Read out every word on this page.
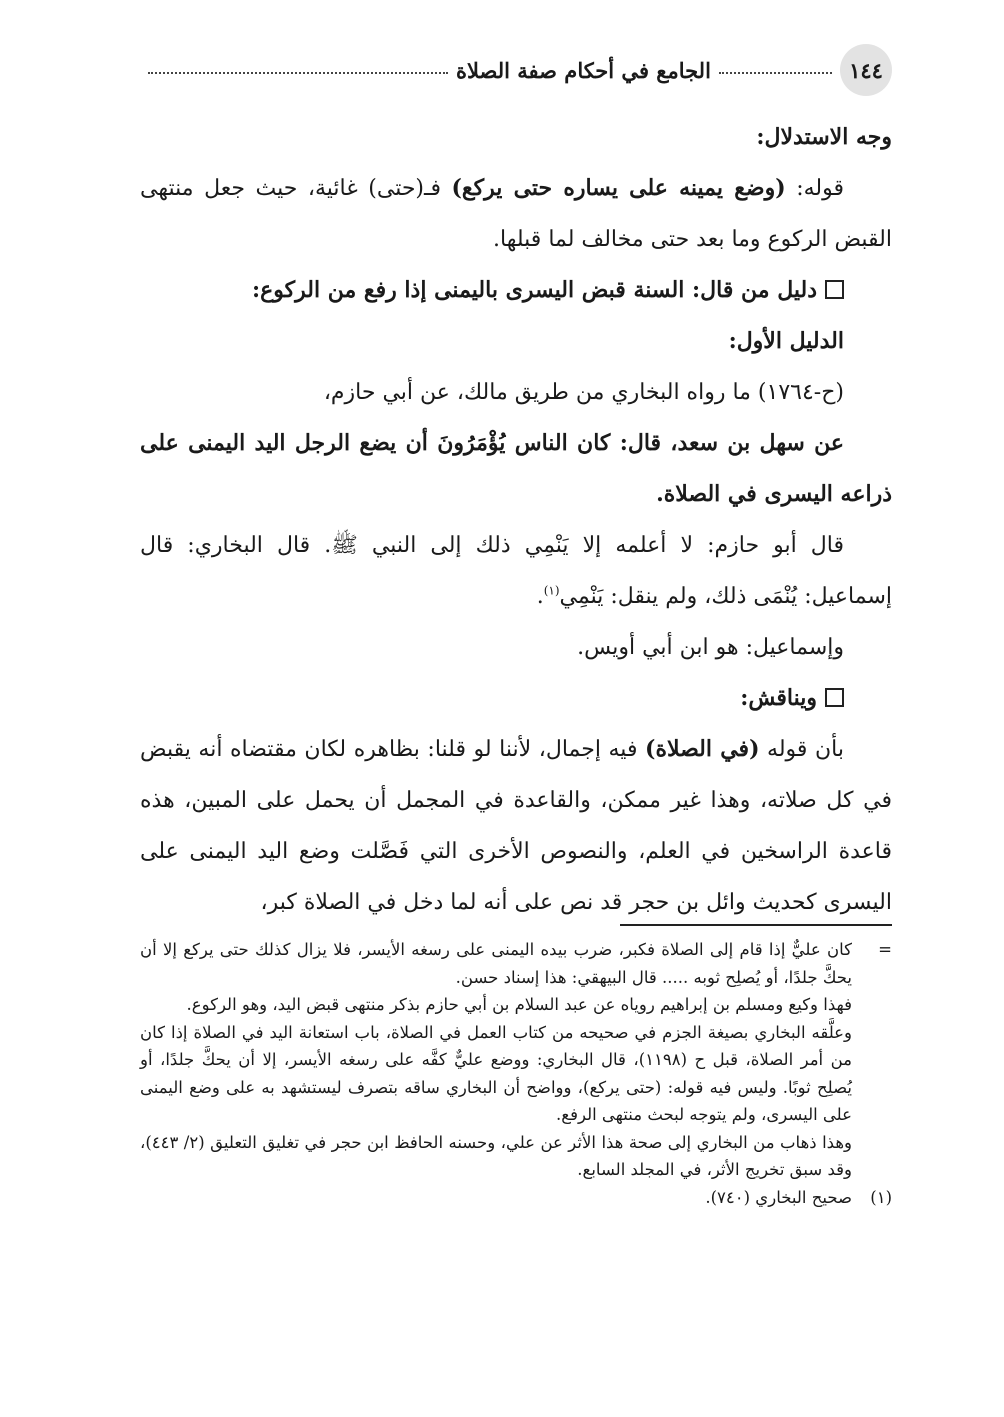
١٤٤
الجامع في أحكام صفة الصلاة

وجه الاستدلال:

قوله: (وضع يمينه على يساره حتى يركع) فـ(حتى) غائية، حيث جعل منتهى القبض الركوع وما بعد حتى مخالف لما قبلها.

دليل من قال: السنة قبض اليسرى باليمنى إذا رفع من الركوع:

الدليل الأول:

(ح-١٧٦٤) ما رواه البخاري من طريق مالك، عن أبي حازم،

عن سهل بن سعد، قال: كان الناس يُؤْمَرُونَ أن يضع الرجل اليد اليمنى على ذراعه اليسرى في الصلاة.

قال أبو حازم: لا أعلمه إلا يَنْمِي ذلك إلى النبي ﷺ. قال البخاري: قال إسماعيل: يُنْمَى ذلك، ولم ينقل: يَنْمِي$^{(١)}$.

وإسماعيل: هو ابن أبي أويس.

ويناقش:

بأن قوله (في الصلاة) فيه إجمال، لأننا لو قلنا: بظاهره لكان مقتضاه أنه يقبض في كل صلاته، وهذا غير ممكن، والقاعدة في المجمل أن يحمل على المبين، هذه قاعدة الراسخين في العلم، والنصوص الأخرى التي فَصَّلت وضع اليد اليمنى على اليسرى كحديث وائل بن حجر قد نص على أنه لما دخل في الصلاة كبر،

=
كان عليٌّ إذا قام إلى الصلاة فكبر، ضرب بيده اليمنى على رسغه الأيسر، فلا يزال كذلك حتى يركع إلا أن يحكَّ جلدًا، أو يُصلِح ثوبه ..... قال البيهقي: هذا إسناد حسن.

فهذا وكيع ومسلم بن إبراهيم روياه عن عبد السلام بن أبي حازم بذكر منتهى قبض اليد، وهو الركوع.

وعلَّقه البخاري بصيغة الجزم في صحيحه من كتاب العمل في الصلاة، باب استعانة اليد في الصلاة إذا كان من أمر الصلاة، قبل ح (١١٩٨)، قال البخاري: ووضع عليٌّ كفَّه على رسغه الأيسر، إلا أن يحكَّ جلدًا، أو يُصلِح ثوبًا. وليس فيه قوله: (حتى يركع)، وواضح أن البخاري ساقه بتصرف ليستشهد به على وضع اليمنى على اليسرى، ولم يتوجه لبحث منتهى الرفع.

وهذا ذهاب من البخاري إلى صحة هذا الأثر عن علي، وحسنه الحافظ ابن حجر في تغليق التعليق (٢/ ٤٤٣)، وقد سبق تخريج الأثر، في المجلد السابع.

(١)
صحيح البخاري (٧٤٠).
